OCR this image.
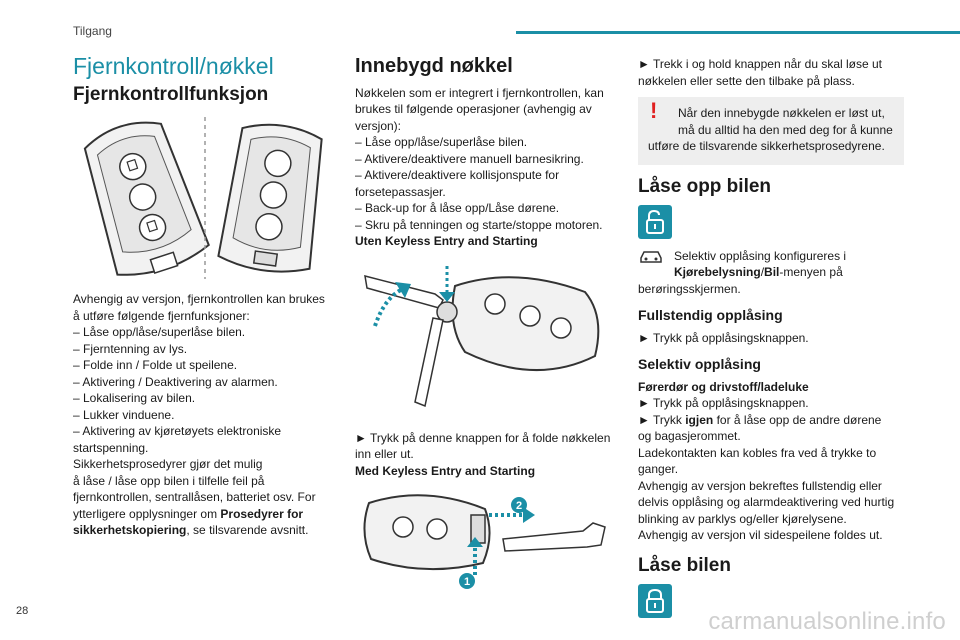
Tilgang
Fjernkontroll/nøkkel
Fjernkontrollfunksjon

Avhengig av versjon, fjernkontrollen kan brukes
å utføre følgende fjernfunksjoner:
– Låse opp/låse/superlåse bilen.
– Fjerntenning av lys.
– Folde inn / Folde ut speilene.
– Aktivering / Deaktivering av alarmen.
– Lokalisering av bilen.
– Lukker vinduene.
– Aktivering av kjøretøyets elektroniske
startspenning.
Sikkerhetsprosedyrer gjør det mulig
å låse / låse opp bilen i tilfelle feil på
fjernkontrollen, sentrallåsen, batteriet osv. For
ytterligere opplysninger om Prosedyrer for
sikkerhetskopiering, se tilsvarende avsnitt.

Innebygd nøkkel

Nøkkelen som er integrert i fjernkontrollen, kan
brukes til følgende operasjoner (avhengig av
versjon):
– Låse opp/låse/superlåse bilen.
– Aktivere/deaktivere manuell barnesikring.
– Aktivere/deaktivere kollisjonspute for
forsetepassasjer.
– Back-up for å låse opp/Låse dørene.
– Skru på tenningen og starte/stoppe motoren.
Uten Keyless Entry and Starting

► Trykk på denne knappen for å folde nøkkelen
inn eller ut.
Med Keyless Entry and Starting

1
2

► Trekk i og hold knappen når du skal løse ut
nøkkelen eller sette den tilbake på plass.

!	Når den innebygde nøkkelen er løst ut,
må du alltid ha den med deg for å kunne
utføre de tilsvarende sikkerhetsprosedyrene.
Låse opp bilen
Selektiv opplåsing konfigureres i
Kjørebelysning/Bil-menyen på
berøringsskjermen.
Fullstendig opplåsing
► Trykk på opplåsingsknappen.
Selektiv opplåsing
Førerdør og drivstoff/ladeluke
► Trykk på opplåsingsknappen.
► Trykk igjen for å låse opp de andre dørene
og bagasjerommet.
Ladekontakten kan kobles fra ved å trykke to
ganger.
Avhengig av versjon bekreftes fullstendig eller
delvis opplåsing og alarmdeaktivering ved hurtig
blinking av parklys og/eller kjørelysene.
Avhengig av versjon vil sidespeilene foldes ut.
Låse bilen
28	carmanualsonline.info
